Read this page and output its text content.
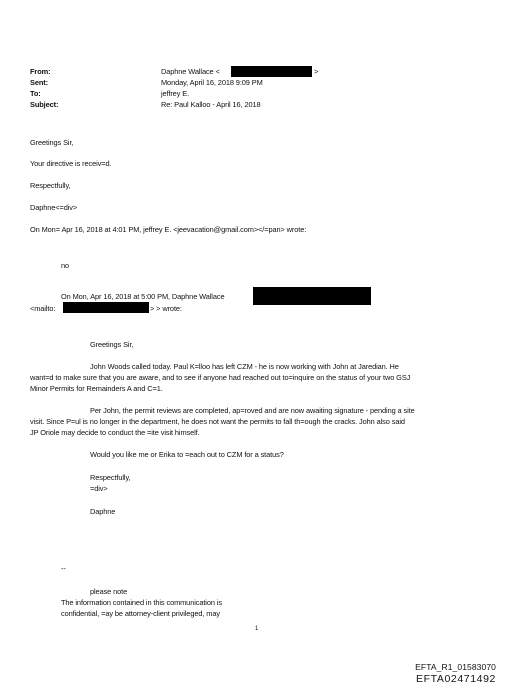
From:
Sent:
To:
Subject:
Daphne Wallace <	>
Monday, April 16, 2018 9:09 PM
jeffrey E.
Re: Paul Kalloo - April 16, 2018
Greetings Sir,
Your directive is receiv=d.
Respectfully,
Daphne<=div>
On Mon= Apr 16, 2018 at 4:01 PM, jeffrey E. <jeevacation@gmail.com></=pan> wrote:
no
On Mon, Apr 16, 2018 at 5:00 PM, Daphne Wallace
<mailto:	> > wrote:
Greetings Sir,
John Woods called today. Paul K=lloo has left CZM - he is now working with John at Jaredian. He
want=d to make sure that you are aware, and to see if anyone had reached out to=inquire on the status of your two GSJ
Minor Permits for Remainders A and C=1.
Per John, the permit reviews are completed, ap=roved and are now awaiting signature - pending a site
visit. Since P=ul is no longer in the department, he does not want the permits to fall th=ough the cracks. John also said
JP Oriole may decide to conduct the =ite visit himself.
Would you like me or Erika to =each out to CZM for a status?
Respectfully,
=div>
Daphne
--
please note
The information contained in this communication is
confidential, =ay be attorney-client privileged, may
1
EFTA_R1_01583070
EFTA02471492
